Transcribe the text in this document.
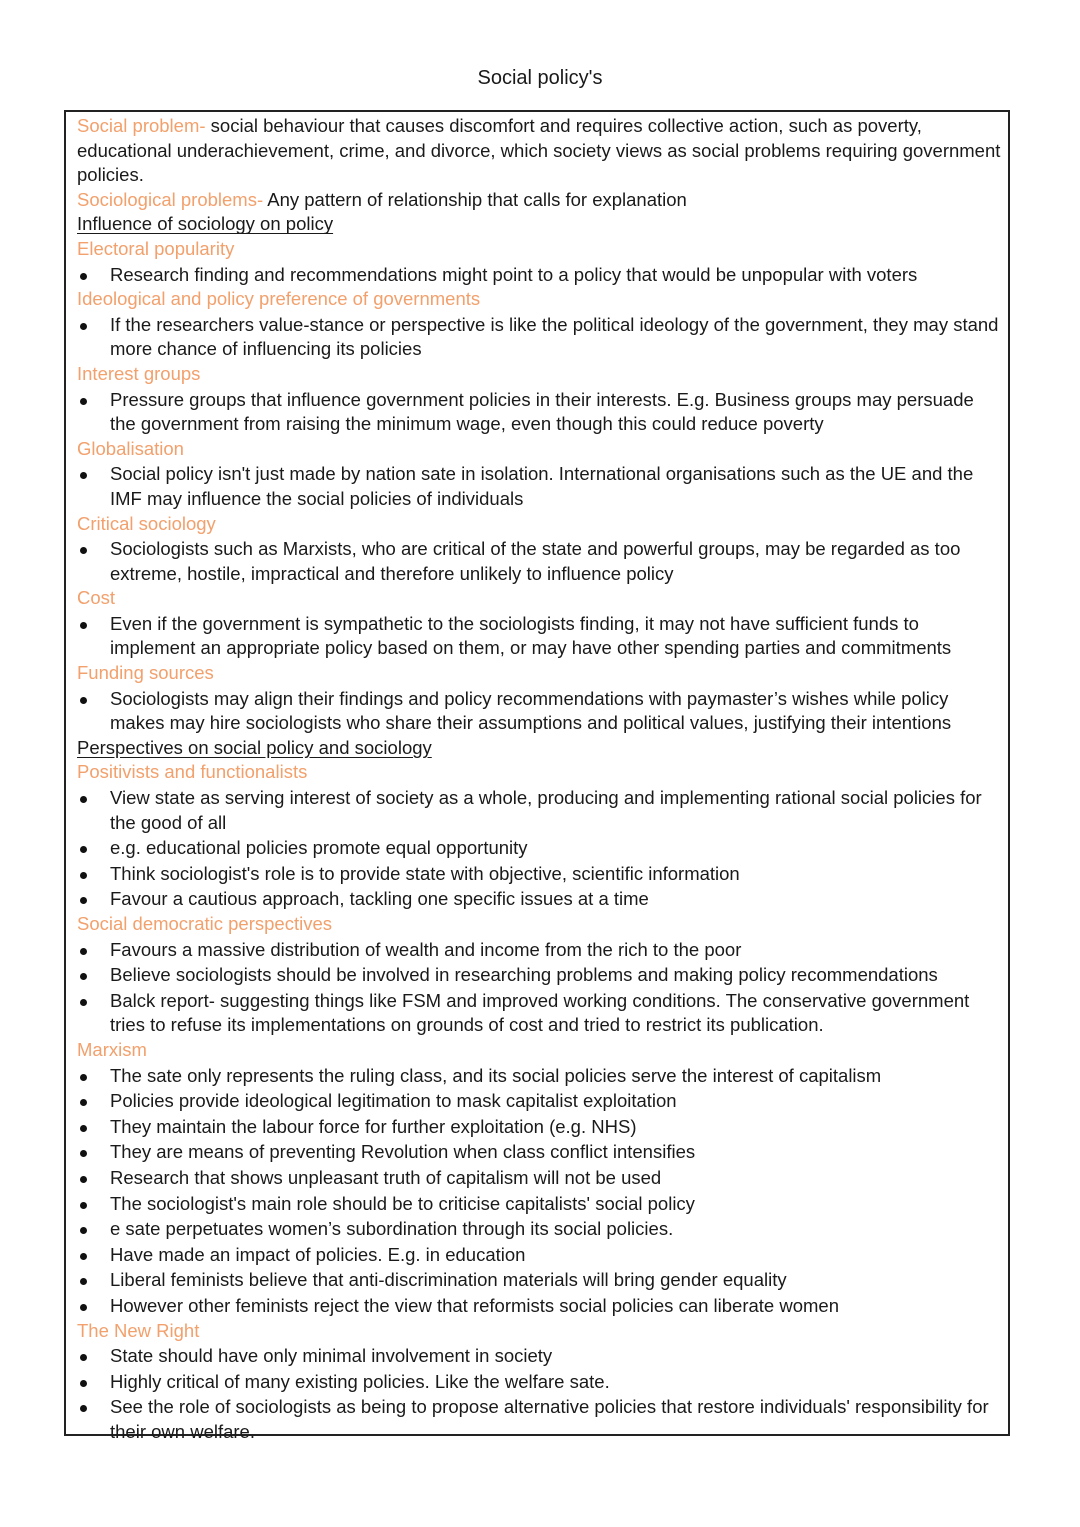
Social policy's
Social problem- social behaviour that causes discomfort and requires collective action, such as poverty, educational underachievement, crime, and divorce, which society views as social problems requiring government policies.
Sociological problems- Any pattern of relationship that calls for explanation
Influence of sociology on policy
Electoral popularity
Research finding and recommendations might point to a policy that would be unpopular with voters
Ideological and policy preference of governments
If the researchers value-stance or perspective is like the political ideology of the government, they may stand more chance of influencing its policies
Interest groups
Pressure groups that influence government policies in their interests. E.g. Business groups may persuade the government from raising the minimum wage, even though this could reduce poverty
Globalisation
Social policy isn't just made by nation sate in isolation. International organisations such as the UE and the IMF may influence the social policies of individuals
Critical sociology
Sociologists such as Marxists, who are critical of the state and powerful groups, may be regarded as too extreme, hostile, impractical and therefore unlikely to influence policy
Cost
Even if the government is sympathetic to the sociologists finding, it may not have sufficient funds to implement an appropriate policy based on them, or may have other spending parties and commitments
Funding sources
Sociologists may align their findings and policy recommendations with paymaster’s wishes while policy makes may hire sociologists who share their assumptions and political values, justifying their intentions
Perspectives on social policy and sociology
Positivists and functionalists
View state as serving interest of society as a whole, producing and implementing rational social policies for the good of all
e.g. educational policies promote equal opportunity
Think sociologist's role is to provide state with objective, scientific information
Favour a cautious approach, tackling one specific issues at a time
Social democratic perspectives
Favours a massive distribution of wealth and income from the rich to the poor
Believe sociologists should be involved in researching problems and making policy recommendations
Balck report- suggesting things like FSM and improved working conditions. The conservative government tries to refuse its implementations on grounds of cost and tried to restrict its publication.
Marxism
The sate only represents the ruling class, and its social policies serve the interest of capitalism
Policies provide ideological legitimation to mask capitalist exploitation
They maintain the labour force for further exploitation (e.g. NHS)
They are means of preventing Revolution when class conflict intensifies
Research that shows unpleasant truth of capitalism will not be used
The sociologist's main role should be to criticise capitalists' social policy
e sate perpetuates women’s subordination through its social policies.
Have made an impact of policies. E.g. in education
Liberal feminists believe that anti-discrimination materials will bring gender equality
However other feminists reject the view that reformists social policies can liberate women
The New Right
State should have only minimal involvement in society
Highly critical of many existing policies. Like the welfare sate.
See the role of sociologists as being to propose alternative policies that restore individuals' responsibility for their own welfare.
